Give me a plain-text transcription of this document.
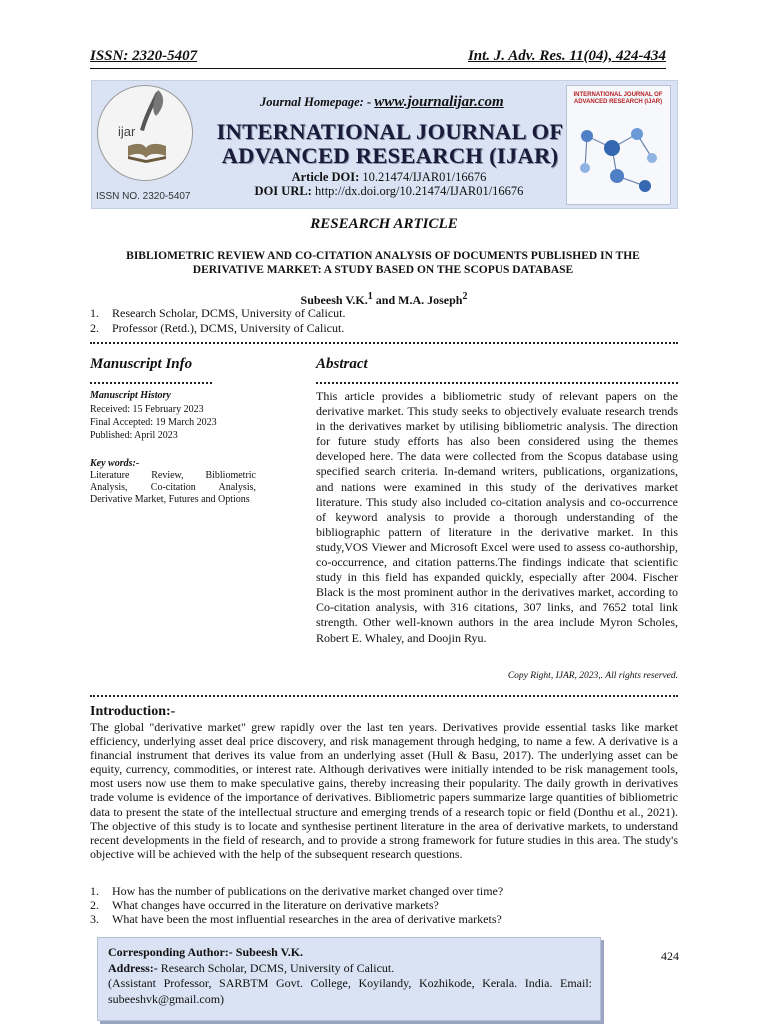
ISSN: 2320-5407	Int. J. Adv. Res. 11(04), 424-434
ijar
ISSN NO. 2320-5407
Journal Homepage: - www.journalijar.com
INTERNATIONAL JOURNAL OF
ADVANCED RESEARCH (IJAR)
Article DOI: 10.21474/IJAR01/16676
DOI URL: http://dx.doi.org/10.21474/IJAR01/16676
INTERNATIONAL JOURNAL OF ADVANCED RESEARCH (IJAR)
RESEARCH ARTICLE
BIBLIOMETRIC REVIEW AND CO-CITATION ANALYSIS OF DOCUMENTS PUBLISHED IN THE DERIVATIVE MARKET: A STUDY BASED ON THE SCOPUS DATABASE
Subeesh V.K.$^1$ and M.A. Joseph$^2$
1. Research Scholar, DCMS, University of Calicut.
2. Professor (Retd.), DCMS, University of Calicut.
Manuscript Info	Abstract
Manuscript History
Received: 15 February 2023
Final Accepted: 19 March 2023
Published: April 2023
Key words:-
Literature Review, Bibliometric Analysis, Co-citation Analysis, Derivative Market, Futures and Options
This article provides a bibliometric study of relevant papers on the derivative market. This study seeks to objectively evaluate research trends in the derivatives market by utilising bibliometric analysis. The direction for future study efforts has also been considered using the themes developed here. The data were collected from the Scopus database using specified search criteria. In-demand writers, publications, organizations, and nations were examined in this study of the derivatives market literature. This study also included co-citation analysis and co-occurrence of keyword analysis to provide a thorough understanding of the bibliographic pattern of literature in the derivative market. In this study,VOS Viewer and Microsoft Excel were used to assess co-authorship, co-occurrence, and citation patterns.The findings indicate that scientific study in this field has expanded quickly, especially after 2004. Fischer Black is the most prominent author in the derivatives market, according to Co-citation analysis, with 316 citations, 307 links, and 7652 total link strength. Other well-known authors in the area include Myron Scholes, Robert E. Whaley, and Doojin Ryu.
Copy Right, IJAR, 2023,. All rights reserved.
Introduction:-
The global "derivative market" grew rapidly over the last ten years. Derivatives provide essential tasks like market efficiency, underlying asset deal price discovery, and risk management through hedging, to name a few. A derivative is a financial instrument that derives its value from an underlying asset (Hull & Basu, 2017). The underlying asset can be equity, currency, commodities, or interest rate. Although derivatives were initially intended to be risk management tools, most users now use them to make speculative gains, thereby increasing their popularity. The daily growth in derivatives trade volume is evidence of the importance of derivatives. Bibliometric papers summarize large quantities of bibliometric data to present the state of the intellectual structure and emerging trends of a research topic or field (Donthu et al., 2021). The objective of this study is to locate and synthesise pertinent literature in the area of derivative markets, to understand recent developments in the field of research, and to provide a strong framework for future studies in this area. The study's objective will be achieved with the help of the subsequent research questions.
1. How has the number of publications on the derivative market changed over time?
2. What changes have occurred in the literature on derivative markets?
3. What have been the most influential researches in the area of derivative markets?
Corresponding Author:- Subeesh V.K.
Address:- Research Scholar, DCMS, University of Calicut.
(Assistant Professor, SARBTM Govt. College, Koyilandy, Kozhikode, Kerala. India. Email: subeeshvk@gmail.com)
424
